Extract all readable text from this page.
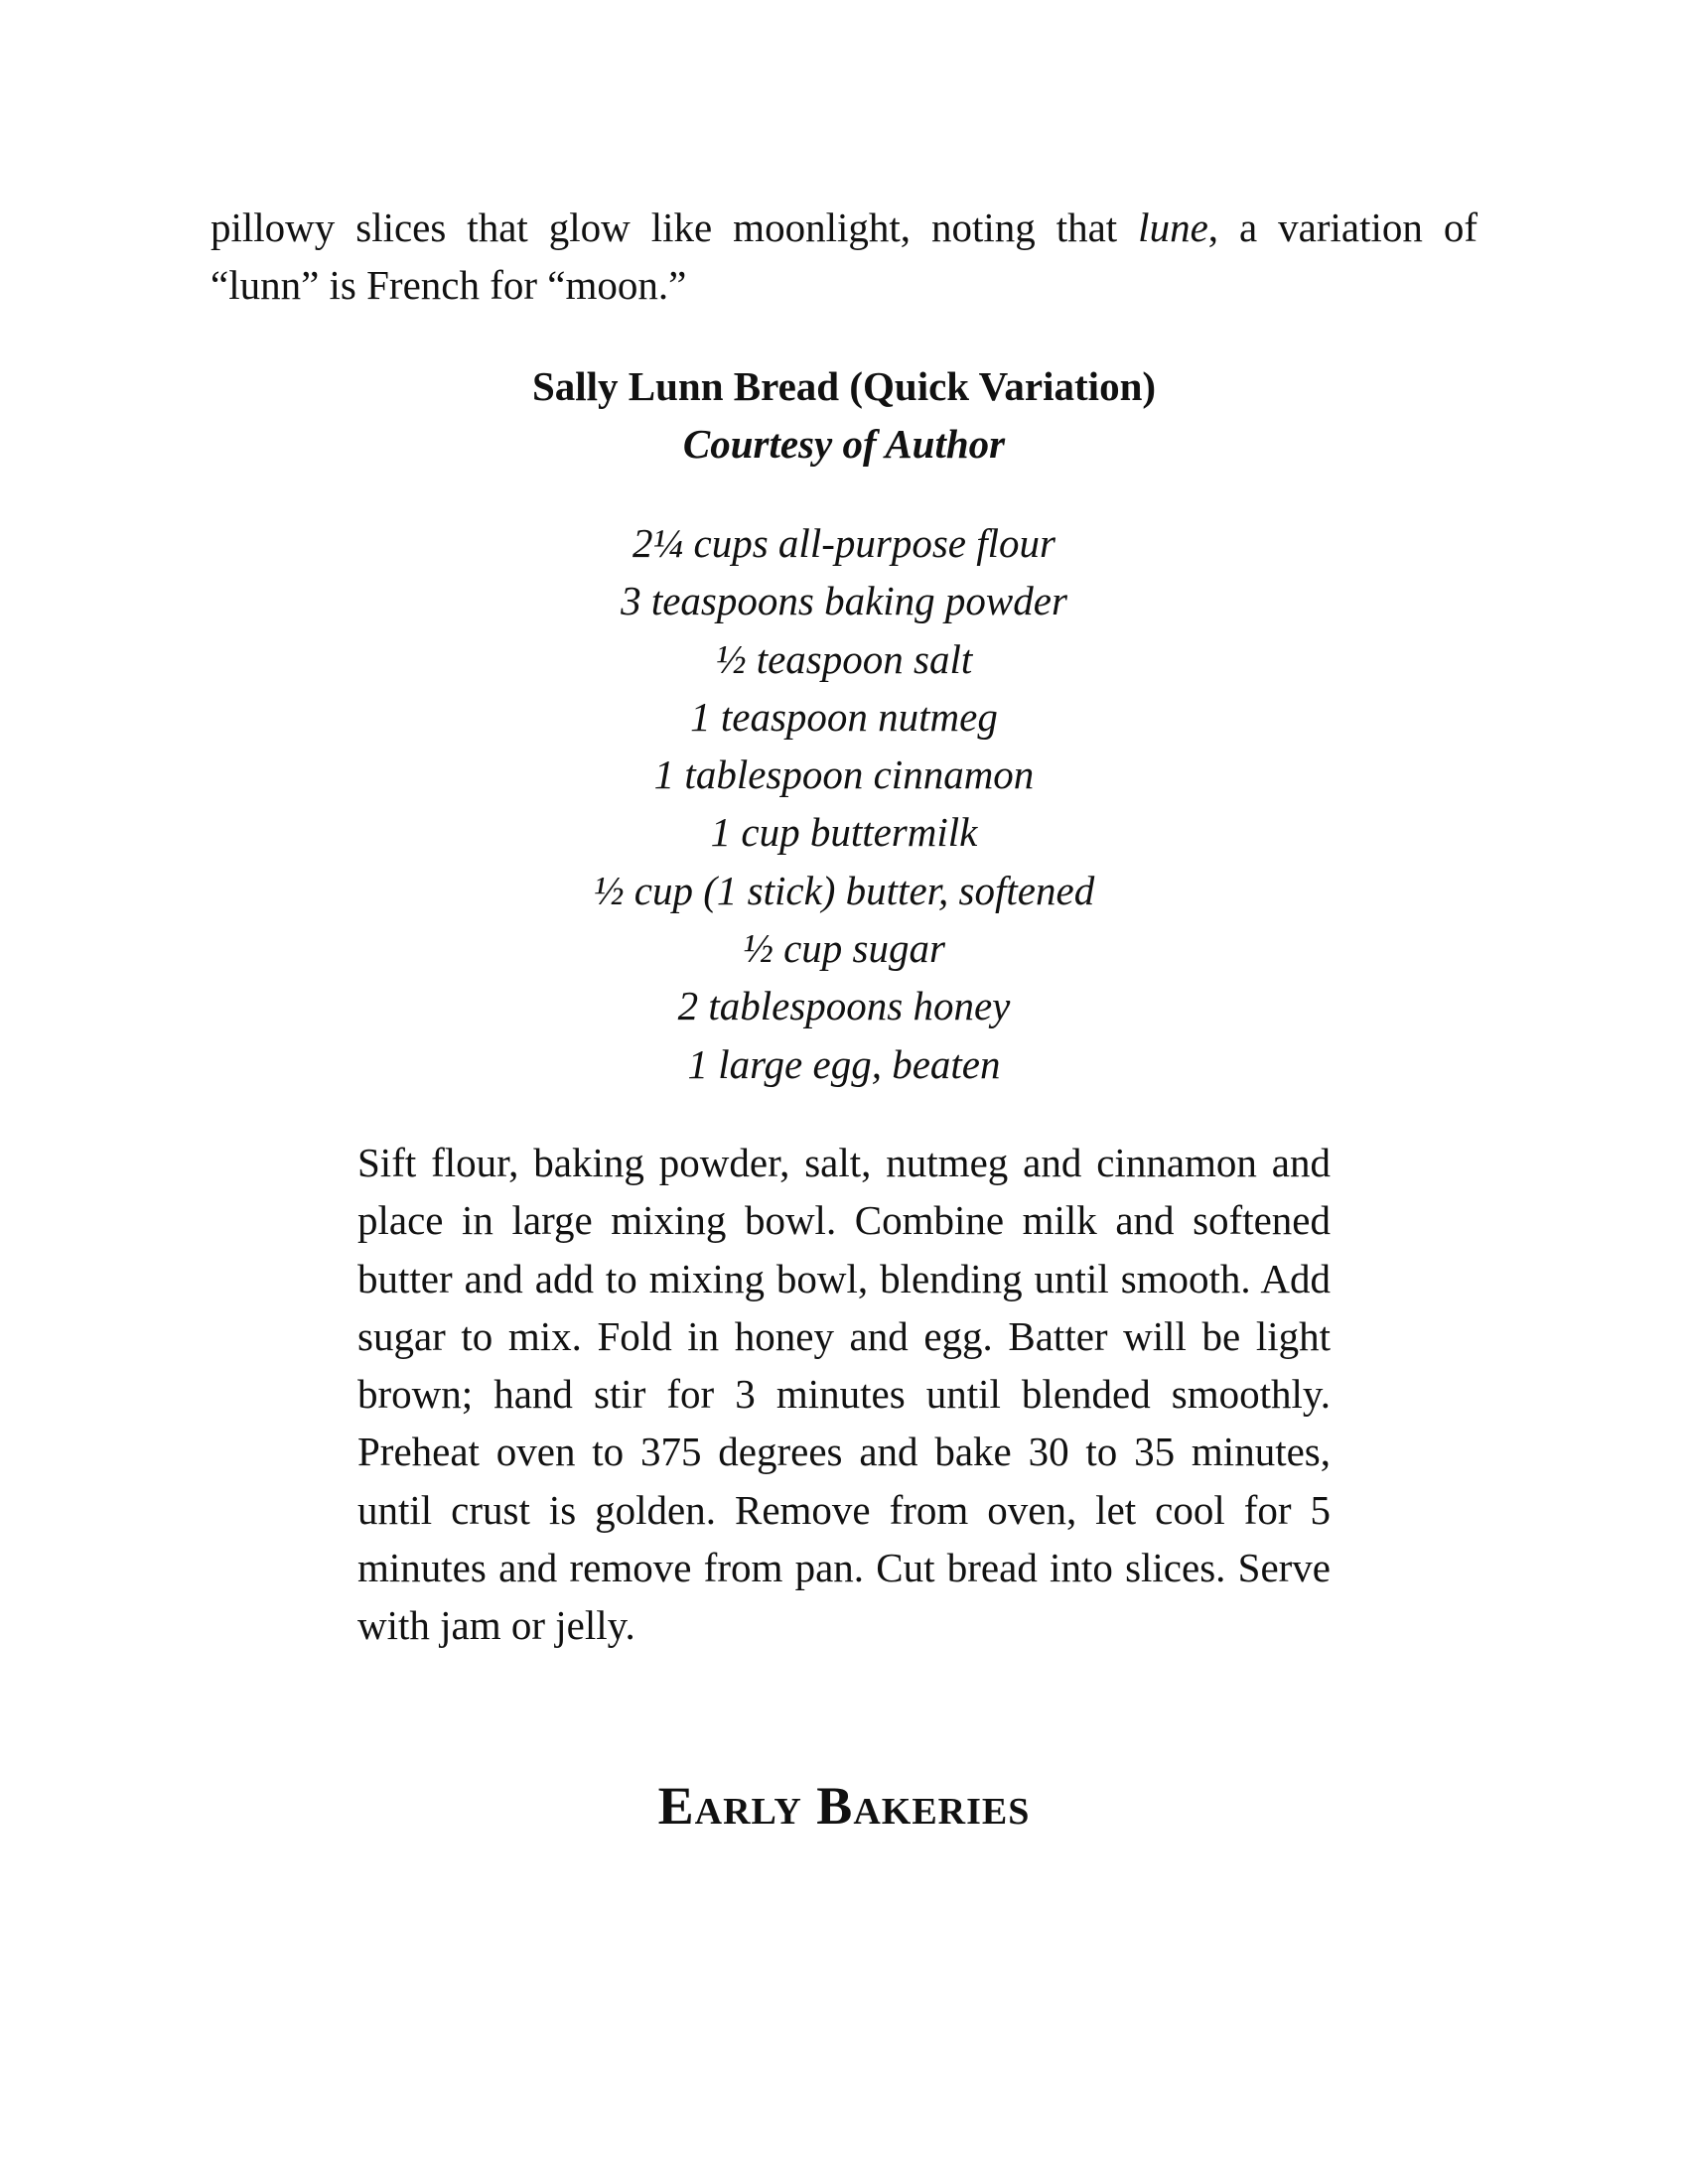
pillowy slices that glow like moonlight, noting that lune, a variation of
“lunn” is French for “moon.”

Sally Lunn Bread (Quick Variation)
Courtesy of Author
2¼ cups all-purpose flour
3 teaspoons baking powder
½ teaspoon salt
1 teaspoon nutmeg
1 tablespoon cinnamon
1 cup buttermilk
½ cup (1 stick) butter, softened
½ cup sugar
2 tablespoons honey
1 large egg, beaten

Sift flour, baking powder, salt, nutmeg and cinnamon and place in large mixing bowl. Combine milk and softened butter and add to mixing bowl, blending until smooth. Add sugar to mix. Fold in honey and egg. Batter will be light brown; hand stir for 3 minutes until blended smoothly. Preheat oven to 375 degrees and bake 30 to 35 minutes, until crust is golden. Remove from oven, let cool for 5 minutes and remove from pan. Cut bread into slices. Serve with jam or jelly.

Early Bakeries
